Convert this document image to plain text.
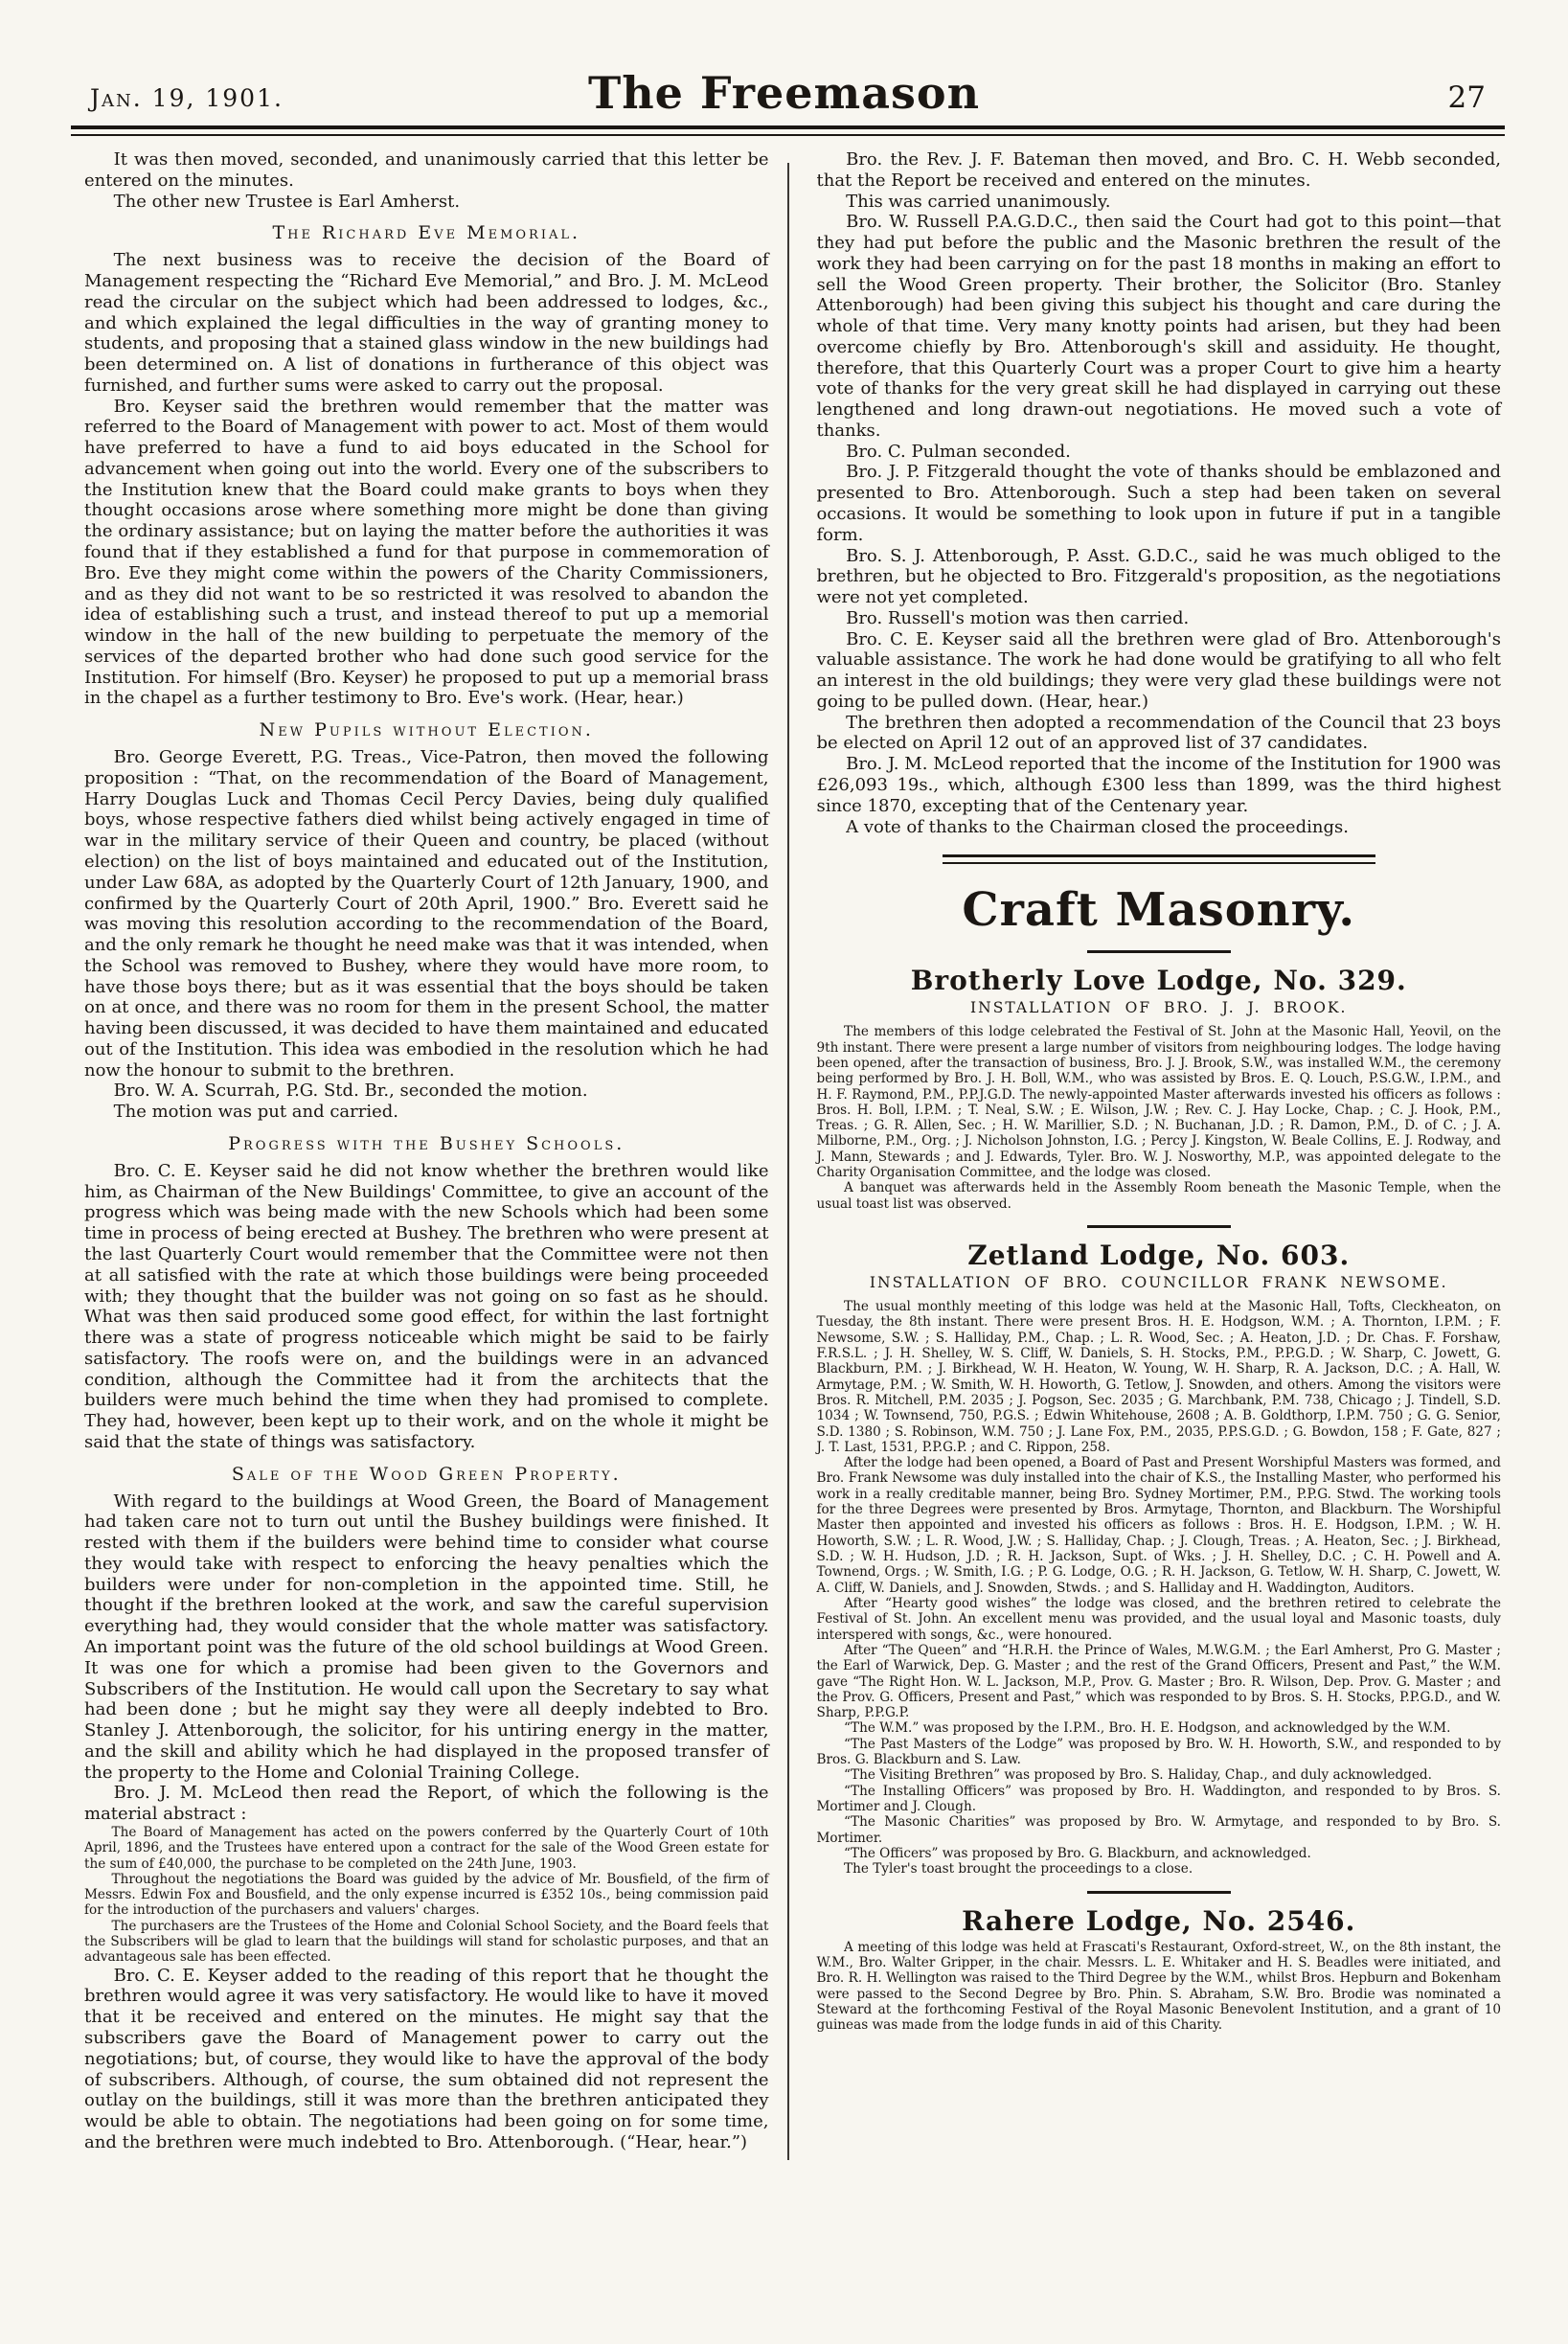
Jan. 19, 1901.	The Freemason	27

It was then moved, seconded, and unanimously carried that this letter be entered on the minutes.

The other new Trustee is Earl Amherst.

The Richard Eve Memorial.

The next business was to receive the decision of the Board of Management respecting the “Richard Eve Memorial,” and Bro. J. M. McLeod read the circular on the subject which had been addressed to lodges, &c., and which explained the legal difficulties in the way of granting money to students, and proposing that a stained glass window in the new buildings had been determined on. A list of donations in furtherance of this object was furnished, and further sums were asked to carry out the proposal.

Bro. Keyser said the brethren would remember that the matter was referred to the Board of Management with power to act. Most of them would have preferred to have a fund to aid boys educated in the School for advancement when going out into the world. Every one of the subscribers to the Institution knew that the Board could make grants to boys when they thought occasions arose where something more might be done than giving the ordinary assistance; but on laying the matter before the authorities it was found that if they established a fund for that purpose in commemoration of Bro. Eve they might come within the powers of the Charity Commissioners, and as they did not want to be so restricted it was resolved to abandon the idea of establishing such a trust, and instead thereof to put up a memorial window in the hall of the new building to perpetuate the memory of the services of the departed brother who had done such good service for the Institution. For himself (Bro. Keyser) he proposed to put up a memorial brass in the chapel as a further testimony to Bro. Eve's work. (Hear, hear.)

New Pupils without Election.

Bro. George Everett, P.G. Treas., Vice-Patron, then moved the following proposition : “That, on the recommendation of the Board of Management, Harry Douglas Luck and Thomas Cecil Percy Davies, being duly qualified boys, whose respective fathers died whilst being actively engaged in time of war in the military service of their Queen and country, be placed (without election) on the list of boys maintained and educated out of the Institution, under Law 68A, as adopted by the Quarterly Court of 12th January, 1900, and confirmed by the Quarterly Court of 20th April, 1900.” Bro. Everett said he was moving this resolution according to the recommendation of the Board, and the only remark he thought he need make was that it was intended, when the School was removed to Bushey, where they would have more room, to have those boys there; but as it was essential that the boys should be taken on at once, and there was no room for them in the present School, the matter having been discussed, it was decided to have them maintained and educated out of the Institution. This idea was embodied in the resolution which he had now the honour to submit to the brethren.

Bro. W. A. Scurrah, P.G. Std. Br., seconded the motion.

The motion was put and carried.

Progress with the Bushey Schools.

Bro. C. E. Keyser said he did not know whether the brethren would like him, as Chairman of the New Buildings' Committee, to give an account of the progress which was being made with the new Schools which had been some time in process of being erected at Bushey. The brethren who were present at the last Quarterly Court would remember that the Committee were not then at all satisfied with the rate at which those buildings were being proceeded with; they thought that the builder was not going on so fast as he should. What was then said produced some good effect, for within the last fortnight there was a state of progress noticeable which might be said to be fairly satisfactory. The roofs were on, and the buildings were in an advanced condition, although the Committee had it from the architects that the builders were much behind the time when they had promised to complete. They had, however, been kept up to their work, and on the whole it might be said that the state of things was satisfactory.

Sale of the Wood Green Property.

With regard to the buildings at Wood Green, the Board of Management had taken care not to turn out until the Bushey buildings were finished. It rested with them if the builders were behind time to consider what course they would take with respect to enforcing the heavy penalties which the builders were under for non-completion in the appointed time. Still, he thought if the brethren looked at the work, and saw the careful supervision everything had, they would consider that the whole matter was satisfactory. An important point was the future of the old school buildings at Wood Green. It was one for which a promise had been given to the Governors and Subscribers of the Institution. He would call upon the Secretary to say what had been done ; but he might say they were all deeply indebted to Bro. Stanley J. Attenborough, the solicitor, for his untiring energy in the matter, and the skill and ability which he had displayed in the proposed transfer of the property to the Home and Colonial Training College.

Bro. J. M. McLeod then read the Report, of which the following is the material abstract :

The Board of Management has acted on the powers conferred by the Quarterly Court of 10th April, 1896, and the Trustees have entered upon a contract for the sale of the Wood Green estate for the sum of £40,000, the purchase to be completed on the 24th June, 1903.

Throughout the negotiations the Board was guided by the advice of Mr. Bousfield, of the firm of Messrs. Edwin Fox and Bousfield, and the only expense incurred is £352 10s., being commission paid for the introduction of the purchasers and valuers' charges.

The purchasers are the Trustees of the Home and Colonial School Society, and the Board feels that the Subscribers will be glad to learn that the buildings will stand for scholastic purposes, and that an advantageous sale has been effected.

Bro. C. E. Keyser added to the reading of this report that he thought the brethren would agree it was very satisfactory. He would like to have it moved that it be received and entered on the minutes. He might say that the subscribers gave the Board of Management power to carry out the negotiations; but, of course, they would like to have the approval of the body of subscribers. Although, of course, the sum obtained did not represent the outlay on the buildings, still it was more than the brethren anticipated they would be able to obtain. The negotiations had been going on for some time, and the brethren were much indebted to Bro. Attenborough. (“Hear, hear.”)

Bro. the Rev. J. F. Bateman then moved, and Bro. C. H. Webb seconded, that the Report be received and entered on the minutes.

This was carried unanimously.

Bro. W. Russell P.A.G.D.C., then said the Court had got to this point—that they had put before the public and the Masonic brethren the result of the work they had been carrying on for the past 18 months in making an effort to sell the Wood Green property. Their brother, the Solicitor (Bro. Stanley Attenborough) had been giving this subject his thought and care during the whole of that time. Very many knotty points had arisen, but they had been overcome chiefly by Bro. Attenborough's skill and assiduity. He thought, therefore, that this Quarterly Court was a proper Court to give him a hearty vote of thanks for the very great skill he had displayed in carrying out these lengthened and long drawn-out negotiations. He moved such a vote of thanks.

Bro. C. Pulman seconded.

Bro. J. P. Fitzgerald thought the vote of thanks should be emblazoned and presented to Bro. Attenborough. Such a step had been taken on several occasions. It would be something to look upon in future if put in a tangible form.

Bro. S. J. Attenborough, P. Asst. G.D.C., said he was much obliged to the brethren, but he objected to Bro. Fitzgerald's proposition, as the negotiations were not yet completed.

Bro. Russell's motion was then carried.

Bro. C. E. Keyser said all the brethren were glad of Bro. Attenborough's valuable assistance. The work he had done would be gratifying to all who felt an interest in the old buildings; they were very glad these buildings were not going to be pulled down. (Hear, hear.)

The brethren then adopted a recommendation of the Council that 23 boys be elected on April 12 out of an approved list of 37 candidates.

Bro. J. M. McLeod reported that the income of the Institution for 1900 was £26,093 19s., which, although £300 less than 1899, was the third highest since 1870, excepting that of the Centenary year.

A vote of thanks to the Chairman closed the proceedings.

Craft Masonry.
Brotherly Love Lodge, No. 329.
INSTALLATION OF BRO. J. J. BROOK.

The members of this lodge celebrated the Festival of St. John at the Masonic Hall, Yeovil, on the 9th instant. There were present a large number of visitors from neighbouring lodges. The lodge having been opened, after the transaction of business, Bro. J. J. Brook, S.W., was installed W.M., the ceremony being performed by Bro. J. H. Boll, W.M., who was assisted by Bros. E. Q. Louch, P.S.G.W., I.P.M., and H. F. Raymond, P.M., P.P.J.G.D. The newly-appointed Master afterwards invested his officers as follows : Bros. H. Boll, I.P.M. ; T. Neal, S.W. ; E. Wilson, J.W. ; Rev. C. J. Hay Locke, Chap. ; C. J. Hook, P.M., Treas. ; G. R. Allen, Sec. ; H. W. Marillier, S.D. ; N. Buchanan, J.D. ; R. Damon, P.M., D. of C. ; J. A. Milborne, P.M., Org. ; J. Nicholson Johnston, I.G. ; Percy J. Kingston, W. Beale Collins, E. J. Rodway, and J. Mann, Stewards ; and J. Edwards, Tyler. Bro. W. J. Nosworthy, M.P., was appointed delegate to the Charity Organisation Committee, and the lodge was closed.

A banquet was afterwards held in the Assembly Room beneath the Masonic Temple, when the usual toast list was observed.

Zetland Lodge, No. 603.
INSTALLATION OF BRO. COUNCILLOR FRANK NEWSOME.

The usual monthly meeting of this lodge was held at the Masonic Hall, Tofts, Cleckheaton, on Tuesday, the 8th instant. There were present Bros. H. E. Hodgson, W.M. ; A. Thornton, I.P.M. ; F. Newsome, S.W. ; S. Halliday, P.M., Chap. ; L. R. Wood, Sec. ; A. Heaton, J.D. ; Dr. Chas. F. Forshaw, F.R.S.L. ; J. H. Shelley, W. S. Cliff, W. Daniels, S. H. Stocks, P.M., P.P.G.D. ; W. Sharp, C. Jowett, G. Blackburn, P.M. ; J. Birkhead, W. H. Heaton, W. Young, W. H. Sharp, R. A. Jackson, D.C. ; A. Hall, W. Armytage, P.M. ; W. Smith, W. H. Howorth, G. Tetlow, J. Snowden, and others. Among the visitors were Bros. R. Mitchell, P.M. 2035 ; J. Pogson, Sec. 2035 ; G. Marchbank, P.M. 738, Chicago ; J. Tindell, S.D. 1034 ; W. Townsend, 750, P.G.S. ; Edwin Whitehouse, 2608 ; A. B. Goldthorp, I.P.M. 750 ; G. G. Senior, S.D. 1380 ; S. Robinson, W.M. 750 ; J. Lane Fox, P.M., 2035, P.P.S.G.D. ; G. Bowdon, 158 ; F. Gate, 827 ; J. T. Last, 1531, P.P.G.P. ; and C. Rippon, 258.

After the lodge had been opened, a Board of Past and Present Worshipful Masters was formed, and Bro. Frank Newsome was duly installed into the chair of K.S., the Installing Master, who performed his work in a really creditable manner, being Bro. Sydney Mortimer, P.M., P.P.G. Stwd. The working tools for the three Degrees were presented by Bros. Armytage, Thornton, and Blackburn. The Worshipful Master then appointed and invested his officers as follows : Bros. H. E. Hodgson, I.P.M. ; W. H. Howorth, S.W. ; L. R. Wood, J.W. ; S. Halliday, Chap. ; J. Clough, Treas. ; A. Heaton, Sec. ; J. Birkhead, S.D. ; W. H. Hudson, J.D. ; R. H. Jackson, Supt. of Wks. ; J. H. Shelley, D.C. ; C. H. Powell and A. Townend, Orgs. ; W. Smith, I.G. ; P. G. Lodge, O.G. ; R. H. Jackson, G. Tetlow, W. H. Sharp, C. Jowett, W. A. Cliff, W. Daniels, and J. Snowden, Stwds. ; and S. Halliday and H. Waddington, Auditors.

After “Hearty good wishes” the lodge was closed, and the brethren retired to celebrate the Festival of St. John. An excellent menu was provided, and the usual loyal and Masonic toasts, duly interspered with songs, &c., were honoured.

After “The Queen” and “H.R.H. the Prince of Wales, M.W.G.M. ; the Earl Amherst, Pro G. Master ; the Earl of Warwick, Dep. G. Master ; and the rest of the Grand Officers, Present and Past,” the W.M. gave “The Right Hon. W. L. Jackson, M.P., Prov. G. Master ; Bro. R. Wilson, Dep. Prov. G. Master ; and the Prov. G. Officers, Present and Past,” which was responded to by Bros. S. H. Stocks, P.P.G.D., and W. Sharp, P.P.G.P.

“The W.M.” was proposed by the I.P.M., Bro. H. E. Hodgson, and acknowledged by the W.M.

“The Past Masters of the Lodge” was proposed by Bro. W. H. Howorth, S.W., and responded to by Bros. G. Blackburn and S. Law.

“The Visiting Brethren” was proposed by Bro. S. Haliday, Chap., and duly acknowledged.

“The Installing Officers” was proposed by Bro. H. Waddington, and responded to by Bros. S. Mortimer and J. Clough.

“The Masonic Charities” was proposed by Bro. W. Armytage, and responded to by Bro. S. Mortimer.

“The Officers” was proposed by Bro. G. Blackburn, and acknowledged.

The Tyler's toast brought the proceedings to a close.

Rahere Lodge, No. 2546.

A meeting of this lodge was held at Frascati's Restaurant, Oxford-street, W., on the 8th instant, the W.M., Bro. Walter Gripper, in the chair. Messrs. L. E. Whitaker and H. S. Beadles were initiated, and Bro. R. H. Wellington was raised to the Third Degree by the W.M., whilst Bros. Hepburn and Bokenham were passed to the Second Degree by Bro. Phin. S. Abraham, S.W. Bro. Brodie was nominated a Steward at the forthcoming Festival of the Royal Masonic Benevolent Institution, and a grant of 10 guineas was made from the lodge funds in aid of this Charity.
